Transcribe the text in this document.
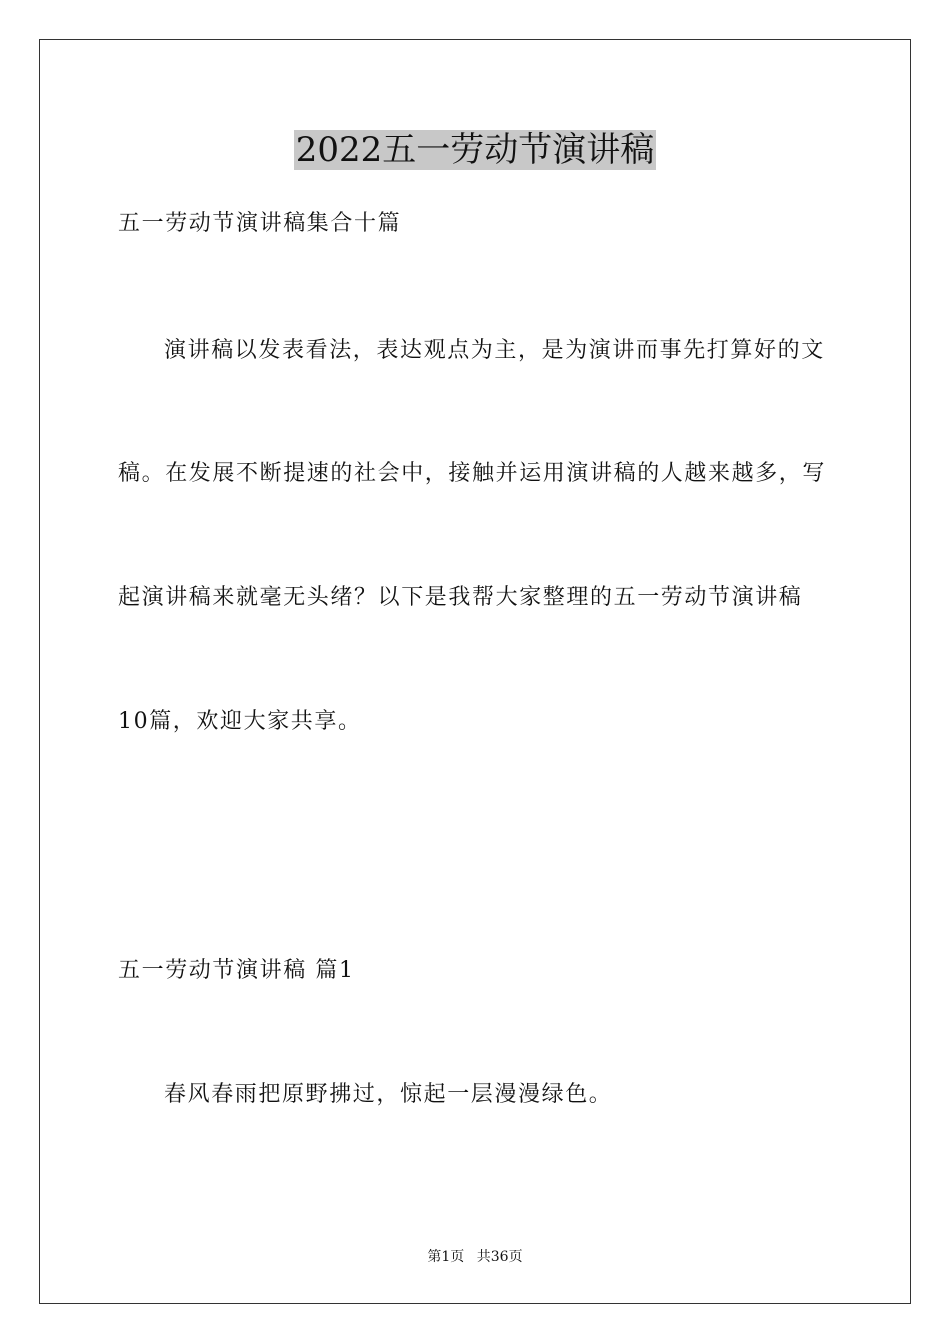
2022五一劳动节演讲稿

五一劳动节演讲稿集合十篇

演讲稿以发表看法，表达观点为主，是为演讲而事先打算好的文

稿。在发展不断提速的社会中，接触并运用演讲稿的人越来越多，写

起演讲稿来就毫无头绪？以下是我帮大家整理的五一劳动节演讲稿

10篇，欢迎大家共享。

五一劳动节演讲稿 篇1

春风春雨把原野拂过，惊起一层漫漫绿色。

第1页 共36页
